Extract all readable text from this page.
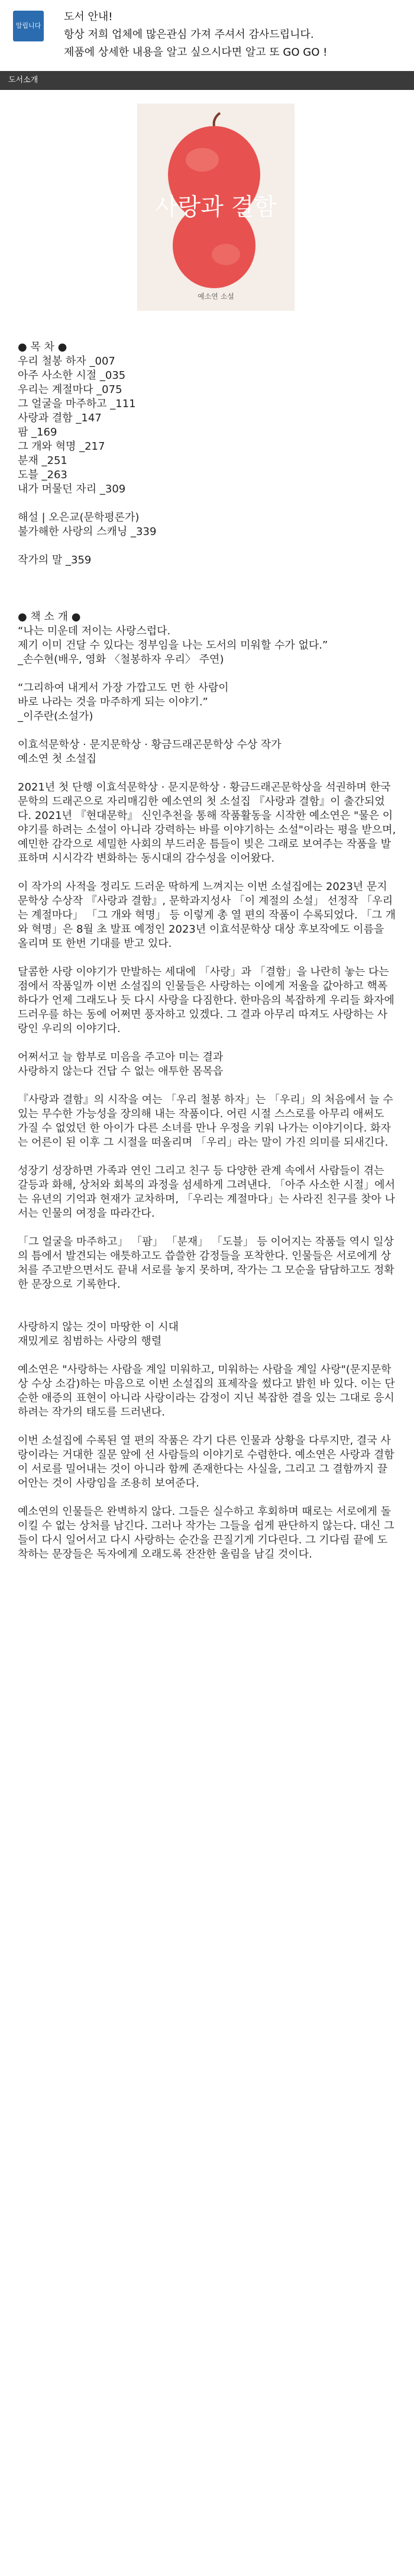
알립니다
도서 안내!
항상 저희 업체에 많은관심 가져 주셔서 감사드립니다.
제품에 상세한 내용을 알고 싶으시다면 알고 또 GO GO !
도서소개
사랑과 결함
예소연 소설

● 목 차 ●

우리 철봉 하자 _007

아주 사소한 시절 _035

우리는 계절마다 _075

그 얼굴을 마주하고 _111

사랑과 결함 _147

팜 _169

그 개와 혁명 _217

분재 _251

도블 _263

내가 머물던 자리 _309

해설 | 오은교(문학평론가)

불가해한 사랑의 스캐닝 _339

작가의 말 _359

● 책 소 개 ●

“나는 미운데 저이는 사랑스럽다.
제기 이미 건달 수 있다는 정부임을 나는 도서의 미워할 수가 없다.”
_손수현(배우, 영화 〈철봉하자 우리〉 주연)

“그리하여 내게서 가장 가깝고도 먼 한 사람이
바로 나라는 것을 마주하게 되는 이야기.”
_이주란(소설가)

이효석문학상 · 문지문학상 · 황금드래곤문학상 수상 작가
예소연 첫 소설집

2021년 첫 단행 이효석문학상 · 문지문학상 · 황금드래곤문학상을 석권하며 한국문학의 드래곤으로 자리매김한 예소연의 첫 소설집 『사랑과 결함』이 출간되었다. 2021년 『현대문학』 신인추천을 통해 작품활동을 시작한 예소연은 "물은 이야기를 하려는 소설이 아니라 강력하는 바를 이야기하는 소설"이라는 평을 받으며, 예민한 감각으로 세밀한 사회의 부드러운 틈들이 빚은 그래로 보여주는 작품을 발표하며 시시각각 변화하는 동시대의 감수성을 이어왔다.

이 작가의 사적을 정리도 드러운 딱하게 느껴지는 이번 소설집에는 2023년 문지문학상 수상작 『사랑과 결함』, 문학과지성사 「이 계절의 소설」 선정작 「우리는 계절마다」 「그 개와 혁명」 등 이렇게 총 열 편의 작품이 수록되었다. 「그 개와 혁명」은 8월 초 발표 예정인 2023년 이효석문학상 대상 후보작에도 이름을 올리며 또 한번 기대를 받고 있다.

달콤한 사랑 이야기가 만발하는 세대에 「사랑」과 「결함」을 나란히 놓는 다는 점에서 작품일까 이번 소설집의 인물들은 사랑하는 이에게 저울을 값아하고 핵폭하다가 언제 그래도나 듯 다시 사랑을 다짐한다. 한마음의 복잡하게 우리들 화자에 드러우를 하는 동에 어쩌면 풍자하고 있겠다. 그 결과 아무리 따져도 사랑하는 사랑인 우리의 이야기다.

어쩌서고 늘 함부로 미음을 주고아 미는 결과
사랑하지 않는다 건답 수 없는 애투한 몸목읍

『사랑과 결함』의 시작을 여는 「우리 철봉 하자」는 「우리」의 처음에서 늘 수 있는 무수한 가능성을 장의해 내는 작품이다. 어린 시절 스스로를 아무리 애써도 가질 수 없었던 한 아이가 다른 소녀를 만나 우정을 키워 나가는 이야기이다. 화자는 어른이 된 이후 그 시절을 떠올리며 「우리」라는 말이 가진 의미를 되새긴다.

성장기 성장하면 가족과 연인 그리고 친구 등 다양한 관계 속에서 사람들이 겪는 갈등과 화해, 상처와 회복의 과정을 섬세하게 그려낸다. 「아주 사소한 시절」에서는 유년의 기억과 현재가 교차하며, 「우리는 계절마다」는 사라진 친구를 찾아 나서는 인물의 여정을 따라간다.

「그 얼굴을 마주하고」 「팜」 「분재」 「도블」 등 이어지는 작품들 역시 일상의 틈에서 발견되는 애틋하고도 씁쓸한 감정들을 포착한다. 인물들은 서로에게 상처를 주고받으면서도 끝내 서로를 놓지 못하며, 작가는 그 모순을 담담하고도 정확한 문장으로 기록한다.

사랑하지 않는 것이 마땅한 이 시대
재밌게로 침범하는 사랑의 행렬

예소연은 "사랑하는 사람을 계일 미워하고, 미워하는 사람을 계일 사랑"(문지문학상 수상 소감)하는 마음으로 이번 소설집의 표제작을 썼다고 밝힌 바 있다. 이는 단순한 애증의 표현이 아니라 사랑이라는 감정이 지닌 복잡한 결을 있는 그대로 응시하려는 작가의 태도를 드러낸다.

이번 소설집에 수록된 열 편의 작품은 각기 다른 인물과 상황을 다루지만, 결국 사랑이라는 거대한 질문 앞에 선 사람들의 이야기로 수렴한다. 예소연은 사랑과 결함이 서로를 밀어내는 것이 아니라 함께 존재한다는 사실을, 그리고 그 결함까지 끌어안는 것이 사랑임을 조용히 보여준다.

예소연의 인물들은 완벽하지 않다. 그들은 실수하고 후회하며 때로는 서로에게 돌이킬 수 없는 상처를 남긴다. 그러나 작가는 그들을 쉽게 판단하지 않는다. 대신 그들이 다시 일어서고 다시 사랑하는 순간을 끈질기게 기다린다. 그 기다림 끝에 도착하는 문장들은 독자에게 오래도록 잔잔한 울림을 남길 것이다.
